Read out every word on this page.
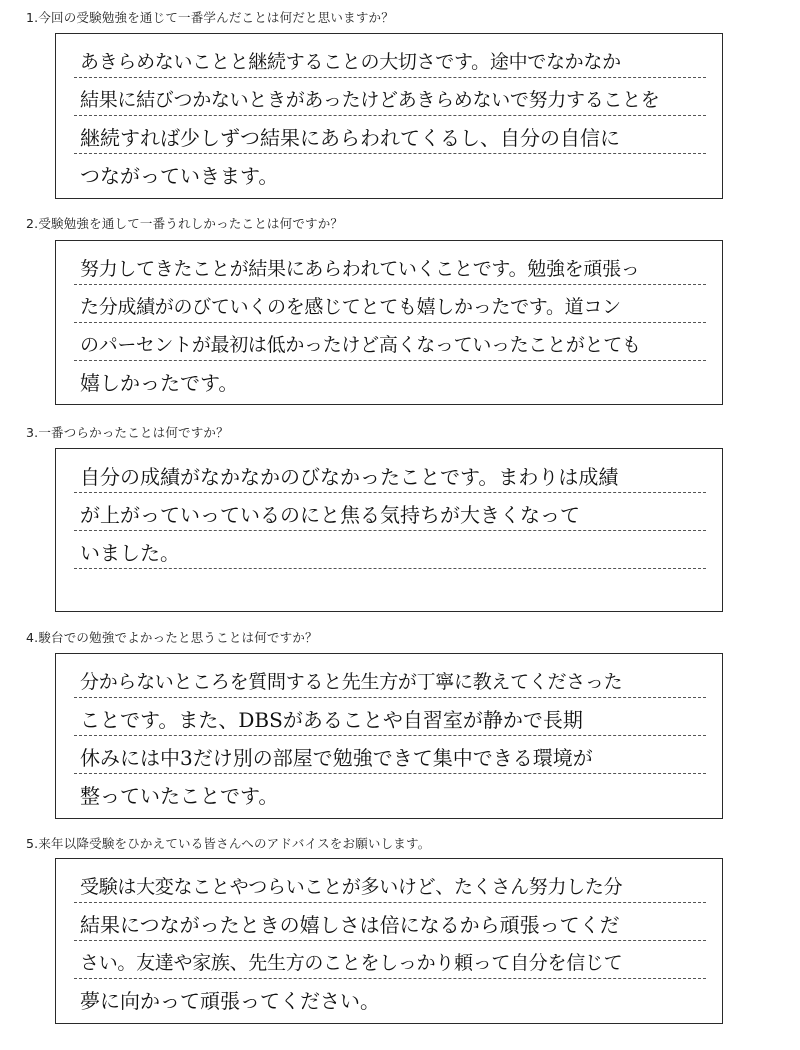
1.今回の受験勉強を通じて一番学んだことは何だと思いますか？
あきらめないことと継続することの大切さです。途中でなかなか
結果に結びつかないときがあったけどあきらめないで努力することを
継続すれば少しずつ結果にあらわれてくるし、自分の自信に
つながっていきます。
2.受験勉強を通して一番うれしかったことは何ですか？
努力してきたことが結果にあらわれていくことです。勉強を頑張っ
た分成績がのびていくのを感じてとても嬉しかったです。道コン
のパーセントが最初は低かったけど高くなっていったことがとても
嬉しかったです。
3.一番つらかったことは何ですか？
自分の成績がなかなかのびなかったことです。まわりは成績
が上がっていっているのにと焦る気持ちが大きくなって
いました。
4.駿台での勉強でよかったと思うことは何ですか？
分からないところを質問すると先生方が丁寧に教えてくださった
ことです。また、DBSがあることや自習室が静かで長期
休みには中3だけ別の部屋で勉強できて集中できる環境が
整っていたことです。
5.来年以降受験をひかえている皆さんへのアドバイスをお願いします。
受験は大変なことやつらいことが多いけど、たくさん努力した分
結果につながったときの嬉しさは倍になるから頑張ってくだ
さい。友達や家族、先生方のことをしっかり頼って自分を信じて
夢に向かって頑張ってください。
